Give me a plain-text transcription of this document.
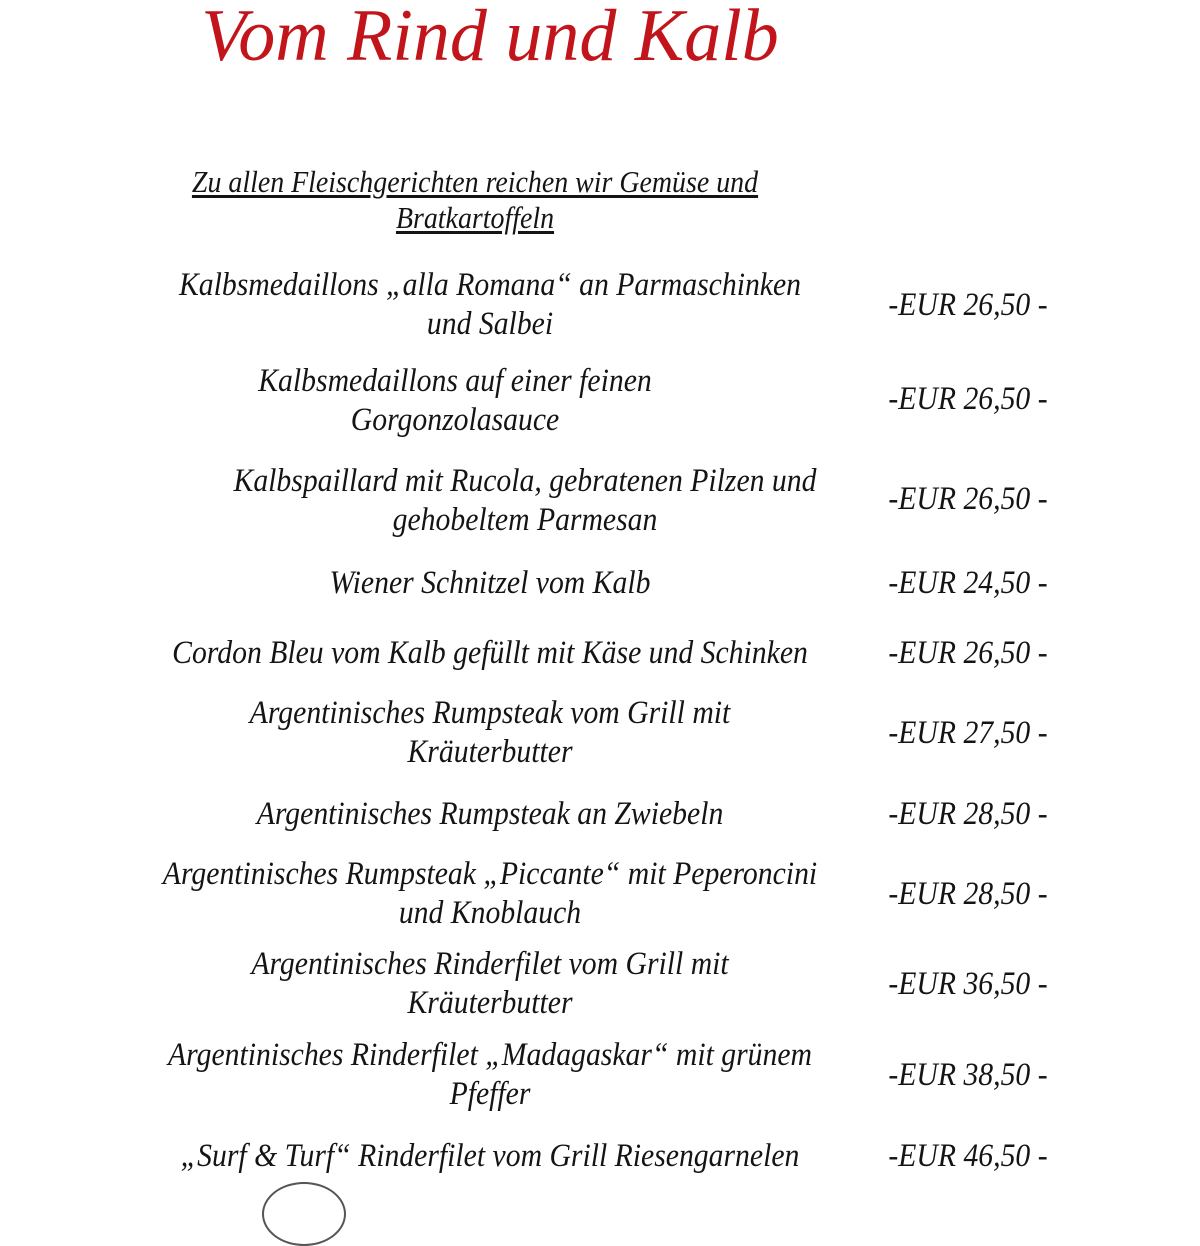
Vom Rind und Kalb
Zu allen Fleischgerichten reichen wir Gemüse und Bratkartoffeln
Kalbsmedaillons „alla Romana“ an Parmaschinken und Salbei
-EUR 26,50 -
Kalbsmedaillons auf einer feinen Gorgonzolasauce
-EUR 26,50 -
Kalbspaillard mit Rucola, gebratenen Pilzen und gehobeltem Parmesan
-EUR 26,50 -
Wiener Schnitzel vom Kalb	-EUR 24,50 -
Cordon Bleu vom Kalb gefüllt mit Käse und Schinken	-EUR 26,50 -
Argentinisches Rumpsteak vom Grill mit Kräuterbutter
-EUR 27,50 -
Argentinisches Rumpsteak an Zwiebeln	-EUR 28,50 -
Argentinisches Rumpsteak „Piccante“ mit Peperoncini und Knoblauch
-EUR 28,50 -
Argentinisches Rinderfilet vom Grill mit Kräuterbutter
-EUR 36,50 -
Argentinisches Rinderfilet „Madagaskar“ mit grünem Pfeffer
-EUR 38,50 -
„Surf & Turf“ Rinderfilet vom Grill Riesengarnelen	-EUR 46,50 -
